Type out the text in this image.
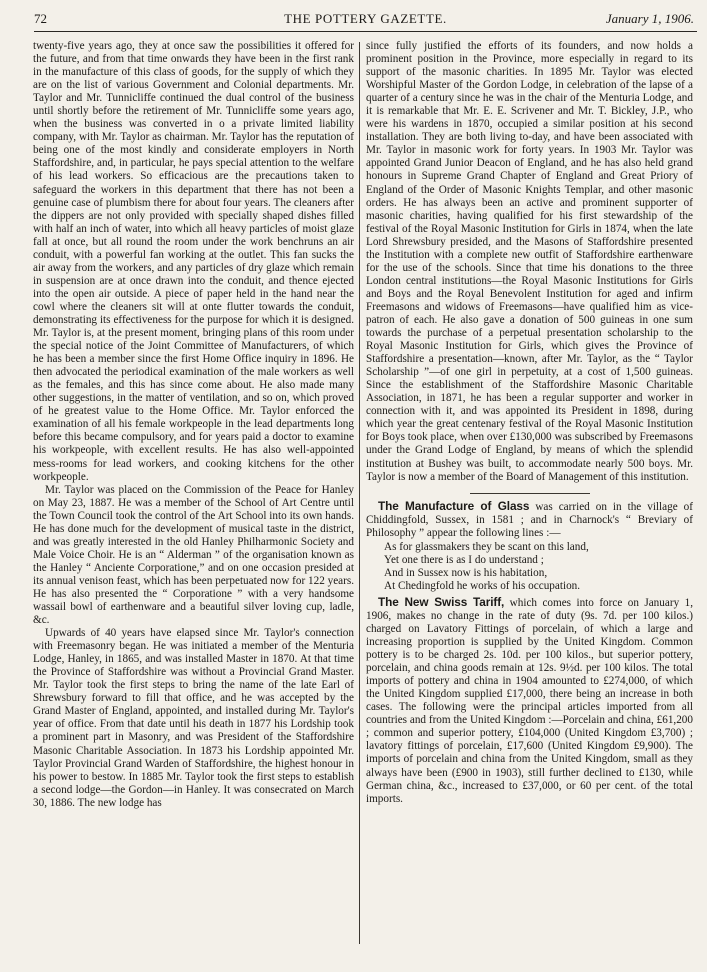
72	THE POTTERY GAZETTE.	January 1, 1906.

twenty-five years ago, they at once saw the possibilities it offered for the future, and from that time onwards they have been in the first rank in the manufacture of this class of goods, for the supply of which they are on the list of various Government and Colonial departments. Mr. Taylor and Mr. Tunnicliffe continued the dual control of the business until shortly before the retirement of Mr. Tunnicliffe some years ago, when the business was converted in o a private limited liability company, with Mr. Taylor as chairman. Mr. Taylor has the reputation of being one of the most kindly and considerate employers in North Staffordshire, and, in particular, he pays special attention to the welfare of his lead workers. So efficacious are the precautions taken to safeguard the workers in this department that there has not been a genuine case of plumbism there for about four years. The cleaners after the dippers are not only provided with specially shaped dishes filled with half an inch of water, into which all heavy particles of moist glaze fall at once, but all round the room under the work benchruns an air conduit, with a powerful fan working at the outlet. This fan sucks the air away from the workers, and any particles of dry glaze which remain in suspension are at once drawn into the conduit, and thence ejected into the open air outside. A piece of paper held in the hand near the cowl where the cleaners sit will at onte flutter towards the conduit, demonstrating its effectiveness for the purpose for which it is designed. Mr. Taylor is, at the present moment, bringing plans of this room under the special notice of the Joint Committee of Manufacturers, of which he has been a member since the first Home Office inquiry in 1896. He then advocated the periodical examination of the male workers as well as the females, and this has since come about. He also made many other suggestions, in the matter of ventilation, and so on, which proved of he greatest value to the Home Office. Mr. Taylor enforced the examination of all his female workpeople in the lead departments long before this became compulsory, and for years paid a doctor to examine his workpeople, with excellent results. He has also well-appointed mess-rooms for lead workers, and cooking kitchens for the other workpeople.

Mr. Taylor was placed on the Commission of the Peace for Hanley on May 23, 1887. He was a member of the School of Art Centre until the Town Council took the control of the Art School into its own hands. He has done much for the development of musical taste in the district, and was greatly interested in the old Hanley Philharmonic Society and Male Voice Choir. He is an “ Alderman ” of the organisation known as the Hanley “ Anciente Corporatione,” and on one occasion presided at its annual venison feast, which has been perpetuated now for 122 years. He has also presented the “ Corporatione ” with a very handsome wassail bowl of earthenware and a beautiful silver loving cup, ladle, &c.

Upwards of 40 years have elapsed since Mr. Taylor's connection with Freemasonry began. He was initiated a member of the Menturia Lodge, Hanley, in 1865, and was installed Master in 1870. At that time the Province of Staffordshire was without a Provincial Grand Master. Mr. Taylor took the first steps to bring the name of the late Earl of Shrewsbury forward to fill that office, and he was accepted by the Grand Master of England, appointed, and installed during Mr. Taylor's year of office. From that date until his death in 1877 his Lordship took a prominent part in Masonry, and was President of the Staffordshire Masonic Charitable Association. In 1873 his Lordship appointed Mr. Taylor Provincial Grand Warden of Staffordshire, the highest honour in his power to bestow. In 1885 Mr. Taylor took the first steps to establish a second lodge—the Gordon—in Hanley. It was consecrated on March 30, 1886. The new lodge has

since fully justified the efforts of its founders, and now holds a prominent position in the Province, more especially in regard to its support of the masonic charities. In 1895 Mr. Taylor was elected Worshipful Master of the Gordon Lodge, in celebration of the lapse of a quarter of a century since he was in the chair of the Menturia Lodge, and it is remarkable that Mr. E. E. Scrivener and Mr. T. Bickley, J.P., who were his wardens in 1870, occupied a similar position at his second installation. They are both living to-day, and have been associated with Mr. Taylor in masonic work for forty years. In 1903 Mr. Taylor was appointed Grand Junior Deacon of England, and he has also held grand honours in Supreme Grand Chapter of England and Great Priory of England of the Order of Masonic Knights Templar, and other masonic orders. He has always been an active and prominent supporter of masonic charities, having qualified for his first stewardship of the festival of the Royal Masonic Institution for Girls in 1874, when the late Lord Shrewsbury presided, and the Masons of Staffordshire presented the Institution with a complete new outfit of Staffordshire earthenware for the use of the schools. Since that time his donations to the three London central institutions—the Royal Masonic Institutions for Girls and Boys and the Royal Benevolent Institution for aged and infirm Freemasons and widows of Freemasons—have qualified him as vice-patron of each. He also gave a donation of 500 guineas in one sum towards the purchase of a perpetual presentation scholarship to the Royal Masonic Institution for Girls, which gives the Province of Staffordshire a presentation—known, after Mr. Taylor, as the “ Taylor Scholarship ”—of one girl in perpetuity, at a cost of 1,500 guineas. Since the establishment of the Staffordshire Masonic Charitable Association, in 1871, he has been a regular supporter and worker in connection with it, and was appointed its President in 1898, during which year the great centenary festival of the Royal Masonic Institution for Boys took place, when over £130,000 was subscribed by Freemasons under the Grand Lodge of England, by means of which the splendid institution at Bushey was built, to accommodate nearly 500 boys. Mr. Taylor is now a member of the Board of Management of this institution.

The Manufacture of Glass was carried on in the village of Chiddingfold, Sussex, in 1581 ; and in Charnock's “ Breviary of Philosophy ” appear the following lines :—

As for glassmakers they be scant on this land,
Yet one there is as I do understand ;
And in Sussex now is his habitation,
At Chedingfold he works of his occupation.

The New Swiss Tariff, which comes into force on January 1, 1906, makes no change in the rate of duty (9s. 7d. per 100 kilos.) charged on Lavatory Fittings of porcelain, of which a large and increasing proportion is supplied by the United Kingdom. Common pottery is to be charged 2s. 10d. per 100 kilos., but superior pottery, porcelain, and china goods remain at 12s. 9½d. per 100 kilos. The total imports of pottery and china in 1904 amounted to £274,000, of which the United Kingdom supplied £17,000, there being an increase in both cases. The following were the principal articles imported from all countries and from the United Kingdom :—Porcelain and china, £61,200 ; common and superior pottery, £104,000 (United Kingdom £3,700) ; lavatory fittings of porcelain, £17,600 (United Kingdom £9,900). The imports of porcelain and china from the United Kingdom, small as they always have been (£900 in 1903), still further declined to £130, while German china, &c., increased to £37,000, or 60 per cent. of the total imports.
